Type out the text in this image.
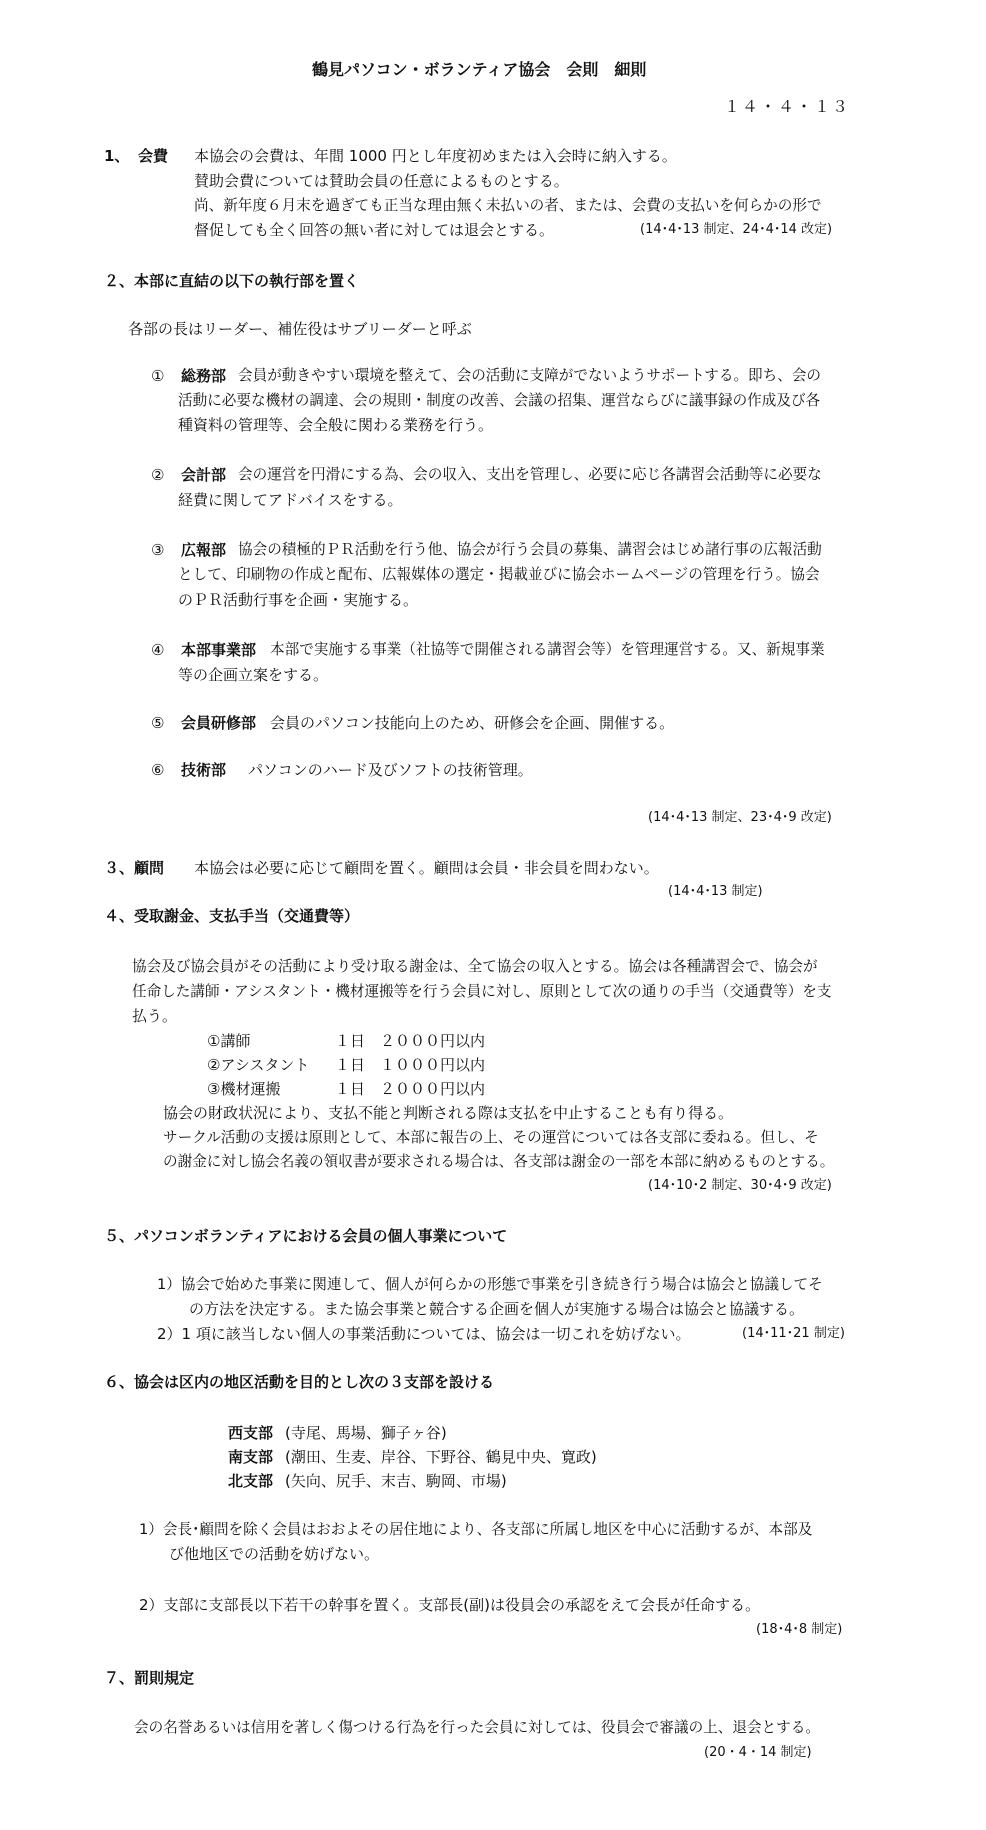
鶴見パソコン・ボランティア協会　会則　細則
１４・４・１３
1、 会費 本協会の会費は、年間 1000 円とし年度初めまたは入会時に納入する。
賛助会費については賛助会員の任意によるものとする。
尚、新年度６月末を過ぎても正当な理由無く未払いの者、または、会費の支払いを何らかの形で
督促しても全く回答の無い者に対しては退会とする。	(14･4･13 制定、24･4･14 改定)
２、本部に直結の以下の執行部を置く
各部の長はリーダー、補佐役はサブリーダーと呼ぶ
① 総務部 会員が動きやすい環境を整えて、会の活動に支障がでないようサポートする。即ち、会の
活動に必要な機材の調達、会の規則・制度の改善、会議の招集、運営ならびに議事録の作成及び各
種資料の管理等、会全般に関わる業務を行う。
② 会計部 会の運営を円滑にする為、会の収入、支出を管理し、必要に応じ各講習会活動等に必要な
経費に関してアドバイスをする。
③ 広報部 協会の積極的ＰＲ活動を行う他、協会が行う会員の募集、講習会はじめ諸行事の広報活動
として、印刷物の作成と配布、広報媒体の選定・掲載並びに協会ホームページの管理を行う。協会
のＰＲ活動行事を企画・実施する。
④ 本部事業部 本部で実施する事業（社協等で開催される講習会等）を管理運営する。又、新規事業
等の企画立案をする。
⑤ 会員研修部 会員のパソコン技能向上のため、研修会を企画、開催する。
⑥ 技術部 パソコンのハード及びソフトの技術管理。
(14･4･13 制定、23･4･9 改定)
３、 顧問 本協会は必要に応じて顧問を置く。顧問は会員・非会員を問わない。
(14･4･13 制定)
４、受取謝金、支払手当（交通費等）
協会及び協会員がその活動により受け取る謝金は、全て協会の収入とする。協会は各種講習会で、協会が
任命した講師・アシスタント・機材運搬等を行う会員に対し、原則として次の通りの手当（交通費等）を支
払う。
①講師	１日　２０００円以内
②アシスタント １日　１０００円以内
③機材運搬	１日　２０００円以内
協会の財政状況により、支払不能と判断される際は支払を中止することも有り得る。
サークル活動の支援は原則として、本部に報告の上、その運営については各支部に委ねる。但し、そ
の謝金に対し協会名義の領収書が要求される場合は、各支部は謝金の一部を本部に納めるものとする。
(14･10･2 制定、30･4･9 改定)
５、パソコンボランティアにおける会員の個人事業について
1）協会で始めた事業に関連して、個人が何らかの形態で事業を引き続き行う場合は協会と協議してそ
の方法を決定する。また協会事業と競合する企画を個人が実施する場合は協会と協議する。
2）1 項に該当しない個人の事業活動については、協会は一切これを妨げない。	(14･11･21 制定)
６、協会は区内の地区活動を目的とし次の３支部を設ける
西支部 (寺尾、馬場、獅子ヶ谷)
南支部 (潮田、生麦、岸谷、下野谷、鶴見中央、寛政)
北支部 (矢向、尻手、末吉、駒岡、市場)
1）会長･顧問を除く会員はおおよその居住地により、各支部に所属し地区を中心に活動するが、本部及
び他地区での活動を妨げない。
2）支部に支部長以下若干の幹事を置く。支部長(副)は役員会の承認をえて会長が任命する。
(18･4･8 制定)
７、罰則規定
会の名誉あるいは信用を著しく傷つける行為を行った会員に対しては、役員会で審議の上、退会とする。
(20・4・14 制定)
